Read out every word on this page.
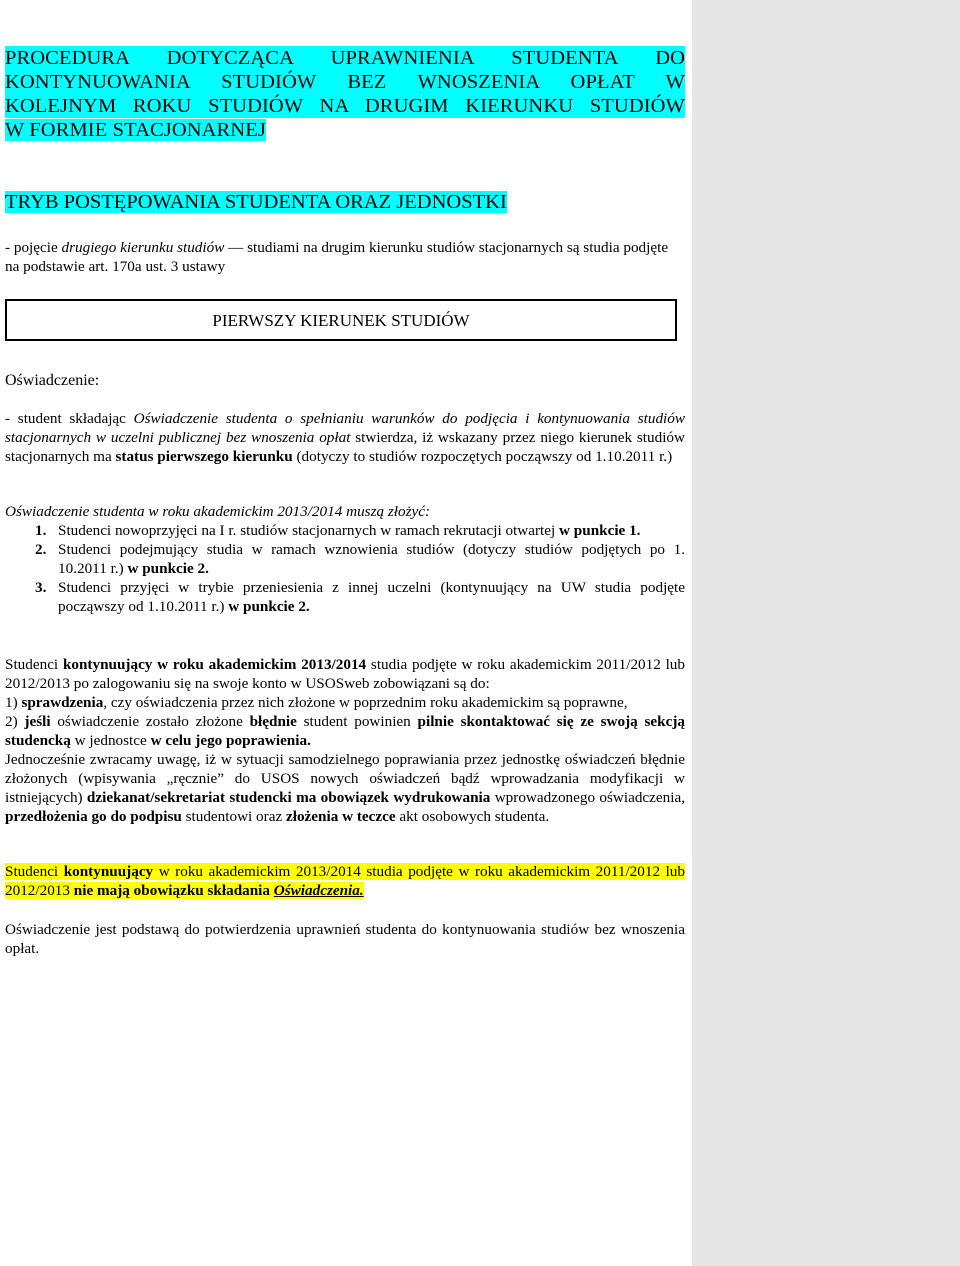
PROCEDURA DOTYCZĄCA UPRAWNIENIA STUDENTA DO
KONTYNUOWANIA STUDIÓW BEZ WNOSZENIA OPŁAT W
KOLEJNYM ROKU STUDIÓW NA DRUGIM KIERUNKU STUDIÓW
W FORMIE STACJONARNEJ
TRYB POSTĘPOWANIA STUDENTA ORAZ JEDNOSTKI
- pojęcie drugiego kierunku studiów — studiami na drugim kierunku studiów stacjonarnych są studia podjęte na podstawie art. 170a ust. 3 ustawy
PIERWSZY KIERUNEK STUDIÓW
Oświadczenie:
- student składając Oświadczenie studenta o spełnianiu warunków do podjęcia i kontynuowania studiów stacjonarnych w uczelni publicznej bez wnoszenia opłat stwierdza, iż wskazany przez niego kierunek studiów stacjonarnych ma status pierwszego kierunku (dotyczy to studiów rozpoczętych począwszy od 1.10.2011 r.)
Oświadczenie studenta w roku akademickim 2013/2014 muszą złożyć:
1. Studenci nowoprzyjęci na I r. studiów stacjonarnych w ramach rekrutacji otwartej w punkcie 1.
2. Studenci podejmujący studia w ramach wznowienia studiów (dotyczy studiów podjętych po 1. 10.2011 r.) w punkcie 2.
3. Studenci przyjęci w trybie przeniesienia z innej uczelni (kontynuujący na UW studia podjęte począwszy od 1.10.2011 r.) w punkcie 2.
Studenci kontynuujący w roku akademickim 2013/2014 studia podjęte w roku akademickim 2011/2012 lub 2012/2013 po zalogowaniu się na swoje konto w USOSweb zobowiązani są do:
1) sprawdzenia, czy oświadczenia przez nich złożone w poprzednim roku akademickim są poprawne,
2) jeśli oświadczenie zostało złożone błędnie student powinien pilnie skontaktować się ze swoją sekcją studencką w jednostce w celu jego poprawienia.
Jednocześnie zwracamy uwagę, iż w sytuacji samodzielnego poprawiania przez jednostkę oświadczeń błędnie złożonych (wpisywania „ręcznie” do USOS nowych oświadczeń bądź wprowadzania modyfikacji w istniejących) dziekanat/sekretariat studencki ma obowiązek wydrukowania wprowadzonego oświadczenia, przedłożenia go do podpisu studentowi oraz złożenia w teczce akt osobowych studenta.
Studenci kontynuujący w roku akademickim 2013/2014 studia podjęte w roku akademickim 2011/2012 lub 2012/2013 nie mają obowiązku składania Oświadczenia.
Oświadczenie jest podstawą do potwierdzenia uprawnień studenta do kontynuowania studiów bez wnoszenia opłat.
